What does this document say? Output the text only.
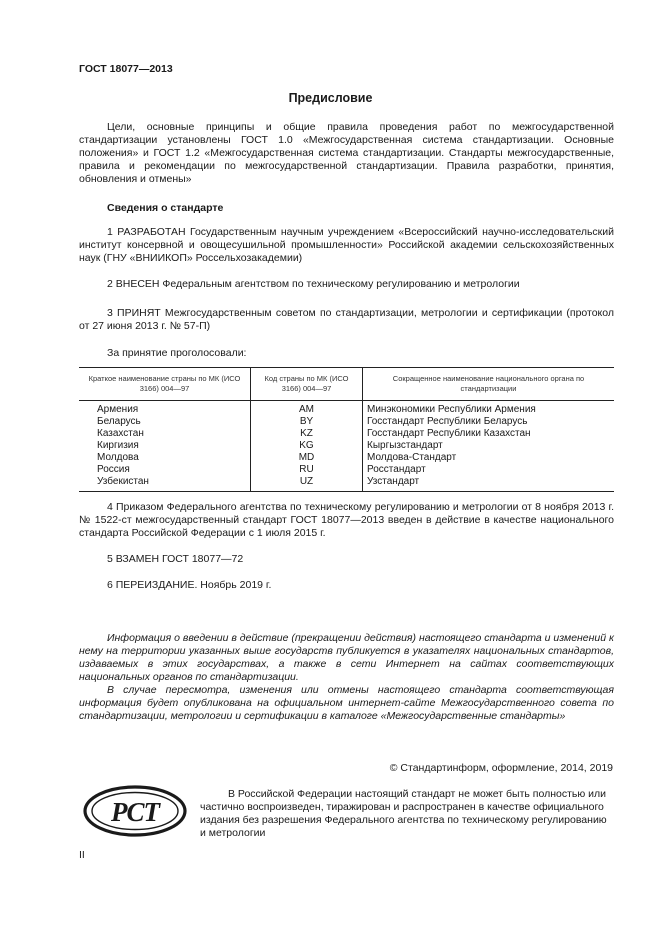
ГОСТ 18077—2013
Предисловие
Цели, основные принципы и общие правила проведения работ по межгосударственной стандартизации установлены ГОСТ 1.0 «Межгосударственная система стандартизации. Основные положения» и ГОСТ 1.2 «Межгосударственная система стандартизации. Стандарты межгосударственные, правила и рекомендации по межгосударственной стандартизации. Правила разработки, принятия, обновления и отмены»
Сведения о стандарте
1 РАЗРАБОТАН Государственным научным учреждением «Всероссийский научно-исследовательский институт консервной и овощесушильной промышленности» Российской академии сельскохозяйственных наук (ГНУ «ВНИИКОП» Россельхозакадемии)
2 ВНЕСЕН Федеральным агентством по техническому регулированию и метрологии
3 ПРИНЯТ Межгосударственным советом по стандартизации, метрологии и сертификации (протокол от 27 июня 2013 г. № 57-П)
За принятие проголосовали:
Краткое наименование страны по МК (ИСО 3166) 004—97	Код страны по МК (ИСО 3166) 004—97	Сокращенное наименование национального органа по стандартизации
Армения	AM	Минэкономики Республики Армения
Беларусь	BY	Госстандарт Республики Беларусь
Казахстан	KZ	Госстандарт Республики Казахстан
Киргизия	KG	Кыргызстандарт
Молдова	MD	Молдова-Стандарт
Россия	RU	Росстандарт
Узбекистан	UZ	Узстандарт
4 Приказом Федерального агентства по техническому регулированию и метрологии от 8 ноября 2013 г. № 1522-ст межгосударственный стандарт ГОСТ 18077—2013 введен в действие в качестве национального стандарта Российской Федерации с 1 июля 2015 г.
5 ВЗАМЕН ГОСТ 18077—72
6 ПЕРЕИЗДАНИЕ. Ноябрь 2019 г.

Информация о введении в действие (прекращении действия) настоящего стандарта и изменений к нему на территории указанных выше государств публикуется в указателях национальных стандартов, издаваемых в этих государствах, а также в сети Интернет на сайтах соответствующих национальных органов по стандартизации.

В случае пересмотра, изменения или отмены настоящего стандарта соответствующая информация будет опубликована на официальном интернет-сайте Межгосударственного совета по стандартизации, метрологии и сертификации в каталоге «Межгосударственные стандарты»

© Стандартинформ, оформление, 2014, 2019
PCT
В Российской Федерации настоящий стандарт не может быть полностью или частично воспроизведен, тиражирован и распространен в качестве официального издания без разрешения Федерального агентства по техническому регулированию и метрологии
II
